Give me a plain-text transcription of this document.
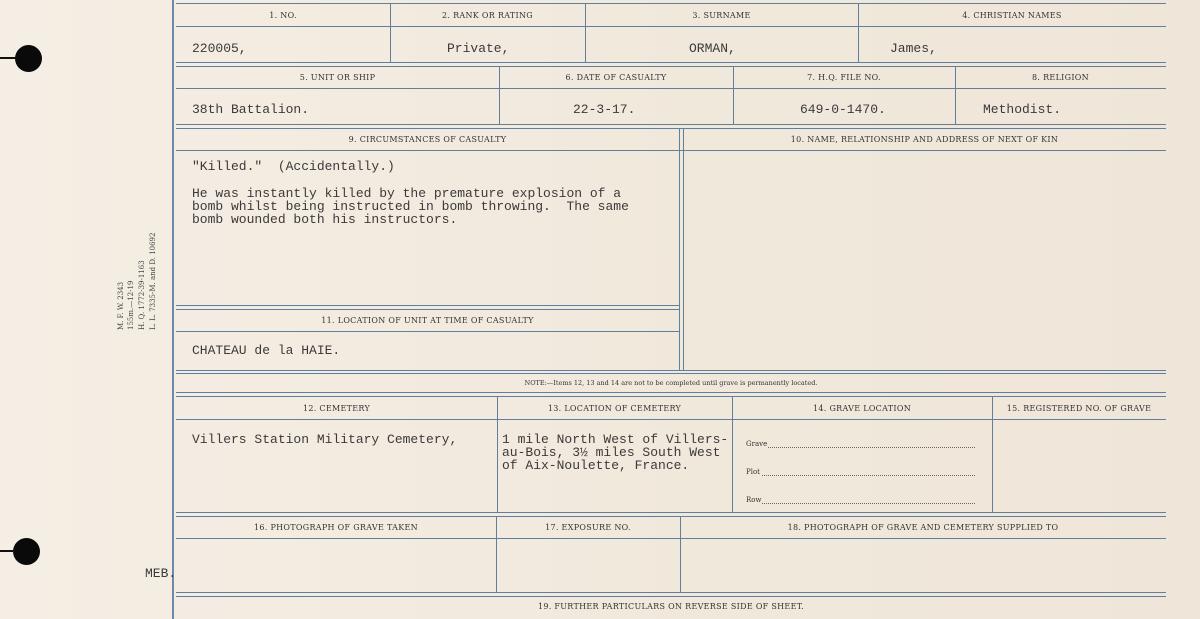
M. F. W. 2343 155m.—12-19 H. Q. 1772-39-1163 L. L. 7335-M. and D. 10692
MEB.
1. NO.	2. RANK OR RATING	3. SURNAME	4. CHRISTIAN NAMES
220005,	Private,	ORMAN,	James,
5. UNIT OR SHIP	6. DATE OF CASUALTY	7. H.Q. FILE NO.	8. RELIGION
38th Battalion.	22-3-17.	649-0-1470.	Methodist.
9. CIRCUMSTANCES OF CASUALTY	10. NAME, RELATIONSHIP AND ADDRESS OF NEXT OF KIN
"Killed."  (Accidentally.)
He was instantly killed by the premature explosion of a
bomb whilst being instructed in bomb throwing.  The same
bomb wounded both his instructors.
11. LOCATION OF UNIT AT TIME OF CASUALTY
CHATEAU de la HAIE.
NOTE:—Items 12, 13 and 14 are not to be completed until grave is permanently located.
12. CEMETERY	13. LOCATION OF CEMETERY	14. GRAVE LOCATION	15. REGISTERED NO. OF GRAVE
Villers Station Military Cemetery,	1 mile North West of Villers-
au-Bois, 3½ miles South West
of Aix-Noulette, France.
Grave
Plot
Row
16. PHOTOGRAPH OF GRAVE TAKEN	17. EXPOSURE NO.	18. PHOTOGRAPH OF GRAVE AND CEMETERY SUPPLIED TO
19. FURTHER PARTICULARS ON REVERSE SIDE OF SHEET.
